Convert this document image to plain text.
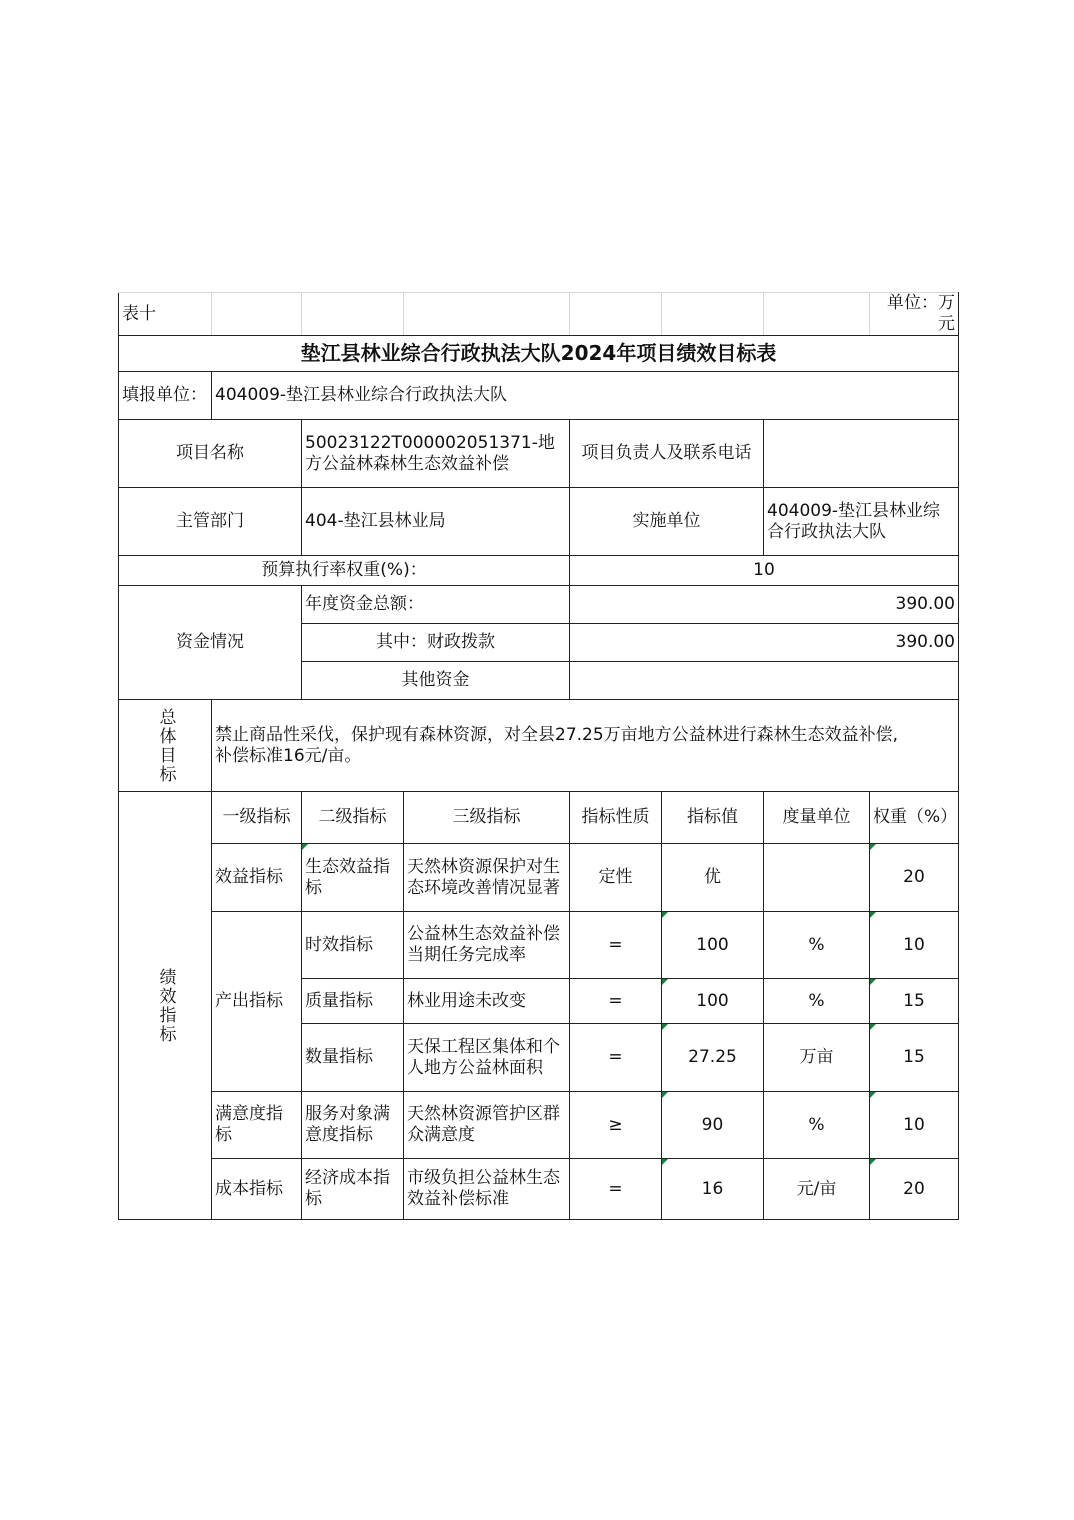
表十							单位：万元
垫江县林业综合行政执法大队2024年项目绩效目标表							
填报单位：	404009-垫江县林业综合行政执法大队						
项目名称		50023122T000002051371-地方公益林森林生态效益补偿		项目负责人及联系电话			
主管部门		404-垫江县林业局		实施单位		404009-垫江县林业综合行政执法大队	
预算执行率权重(%)：				10			
资金情况		年度资金总额：		390.00			
		其中：财政拨款		390.00			
		其他资金					

总体目标	禁止商品性采伐，保护现有森林资源，对全县27.25万亩地方公益林进行森林生态效益补偿,
补偿标准16元/亩。						

绩效指标	一级指标	二级指标	三级指标	指标性质	指标值	度量单位	权重（%）
	效益指标	生态效益指标	天然林资源保护对生态环境改善情况显著	定性	优		20
	产出指标	时效指标	公益林生态效益补偿当期任务完成率	=	100	%	10
		质量指标	林业用途未改变	=	100	%	15
		数量指标	天保工程区集体和个人地方公益林面积	=	27.25	万亩	15
	满意度指标	服务对象满意度指标	天然林资源管护区群众满意度	≥	90	%	10
	成本指标	经济成本指标	市级负担公益林生态效益补偿标准	=	16	元/亩	20
